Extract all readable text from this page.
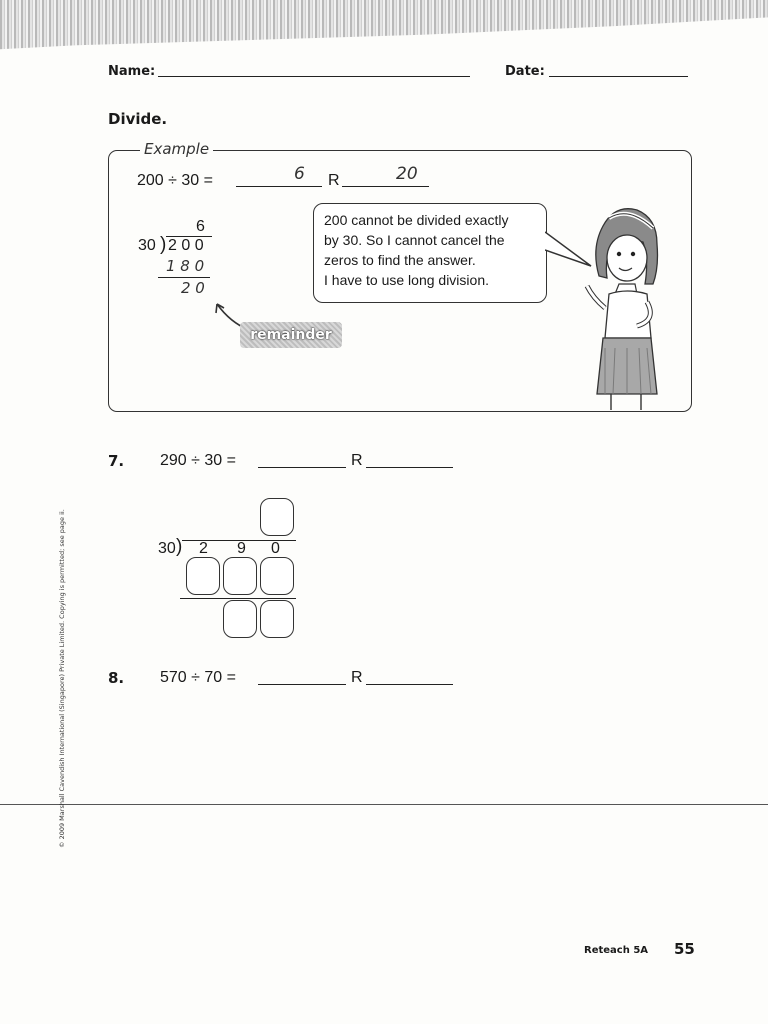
Name:	Date:
Divide.
Example
200 ÷ 30 =	6 R	20
6
30 ) 2 0 0
1 8 0
2 0
remainder
200 cannot be divided exactly
by 30. So I cannot cancel the
zeros to find the answer.
I have to use long division.
7. 290 ÷ 30 =	R
30 ) 2 9 0
8. 570 ÷ 70 =	R
© 2009 Marshall Cavendish International (Singapore) Private Limited. Copying is permitted; see page ii.
Reteach 5A 55
